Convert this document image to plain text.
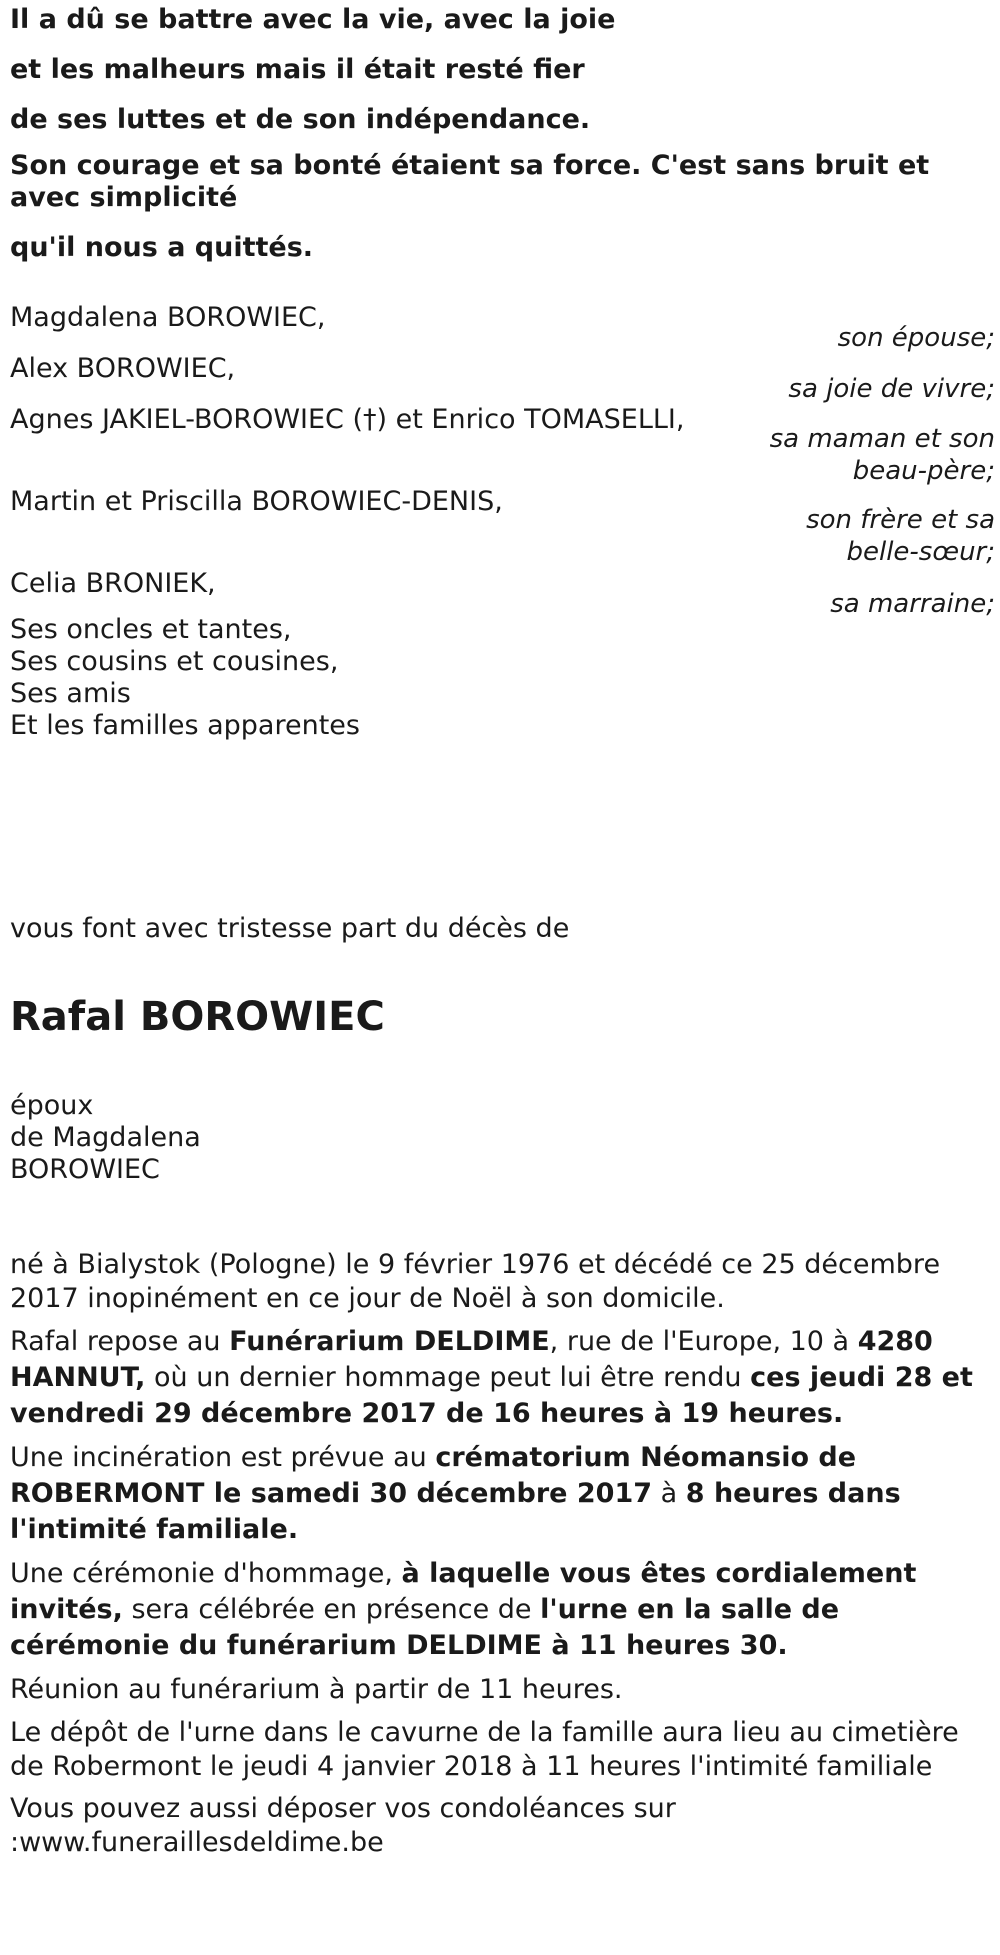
Il a dû se battre avec la vie, avec la joie
et les malheurs mais il était resté fier
de ses luttes et de son indépendance.
Son courage et sa bonté étaient sa force. C'est sans bruit et avec simplicité
qu'il nous a quittés.
Magdalena BOROWIEC,
son épouse;
Alex BOROWIEC,
sa joie de vivre;
Agnes JAKIEL-BOROWIEC (†) et Enrico TOMASELLI,
sa maman et son
beau-père;
Martin et Priscilla BOROWIEC-DENIS,
son frère et sa
belle-sœur;
Celia BRONIEK,
sa marraine;
Ses oncles et tantes,
Ses cousins et cousines,
Ses amis
Et les familles apparentes
vous font avec tristesse part du décès de
Rafal BOROWIEC
époux
de Magdalena
BOROWIEC

né à Bialystok (Pologne) le 9 février 1976 et décédé ce 25 décembre 2017 inopinément en ce jour de Noël à son domicile.

Rafal repose au Funérarium DELDIME, rue de l'Europe, 10 à 4280 HANNUT, où un dernier hommage peut lui être rendu ces jeudi 28 et vendredi 29 décembre 2017 de 16 heures à 19 heures.

Une incinération est prévue au crématorium Néomansio de ROBERMONT le samedi 30 décembre 2017 à 8 heures dans l'intimité familiale.

Une cérémonie d'hommage, à laquelle vous êtes cordialement invités, sera célébrée en présence de l'urne en la salle de cérémonie du funérarium DELDIME à 11 heures 30.

Réunion au funérarium à partir de 11 heures.

Le dépôt de l'urne dans le cavurne de la famille aura lieu au cimetière de Robermont le jeudi 4 janvier 2018 à 11 heures l'intimité familiale

Vous pouvez aussi déposer vos condoléances sur
:www.funeraillesdeldime.be
